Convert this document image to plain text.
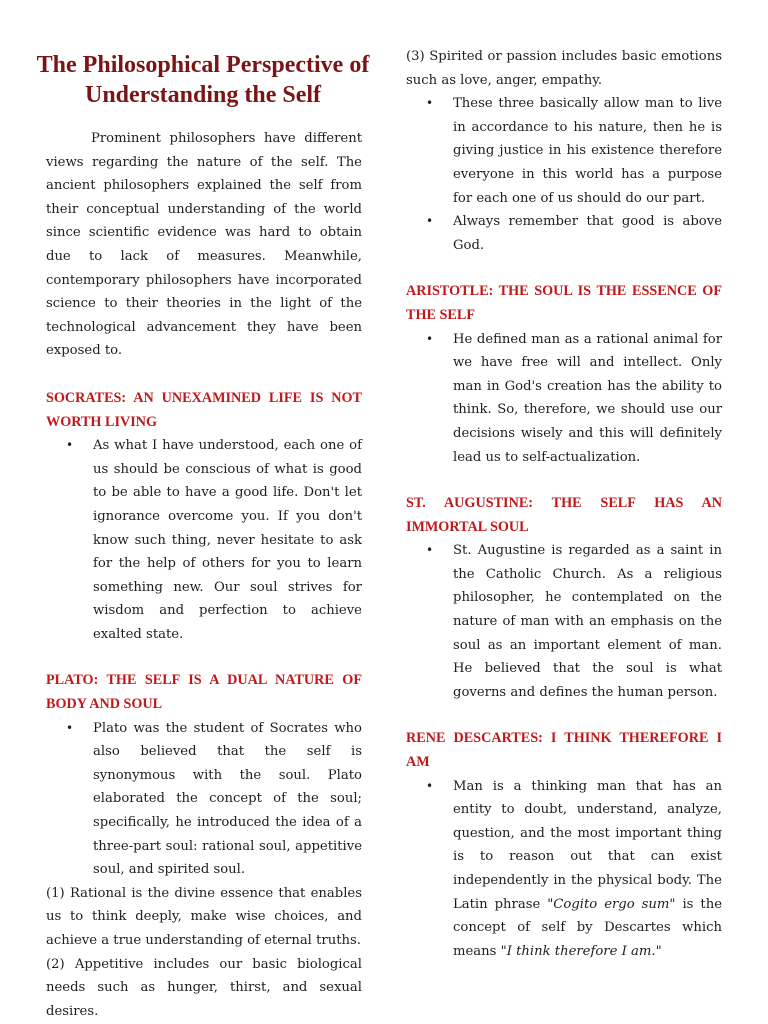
The Philosophical Perspective of Understanding the Self

Prominent philosophers have different views regarding the nature of the self. The ancient philosophers explained the self from their conceptual understanding of the world since scientific evidence was hard to obtain due to lack of measures. Meanwhile, contemporary philosophers have incorporated science to their theories in the light of the technological advancement they have been exposed to.

SOCRATES: AN UNEXAMINED LIFE IS NOT WORTH LIVING
• As what I have understood, each one of us should be conscious of what is good to be able to have a good life. Don't let ignorance overcome you. If you don't know such thing, never hesitate to ask for the help of others for you to learn something new. Our soul strives for wisdom and perfection to achieve exalted state.
PLATO: THE SELF IS A DUAL NATURE OF BODY AND SOUL
• Plato was the student of Socrates who also believed that the self is synonymous with the soul. Plato elaborated the concept of the soul; specifically, he introduced the idea of a three-part soul: rational soul, appetitive soul, and spirited soul.

(1) Rational is the divine essence that enables us to think deeply, make wise choices, and achieve a true understanding of eternal truths.

(2) Appetitive includes our basic biological needs such as hunger, thirst, and sexual desires.

(3) Spirited or passion includes basic emotions such as love, anger, empathy.

• These three basically allow man to live in accordance to his nature, then he is giving justice in his existence therefore everyone in this world has a purpose for each one of us should do our part.
• Always remember that good is above God.
ARISTOTLE: THE SOUL IS THE ESSENCE OF THE SELF
• He defined man as a rational animal for we have free will and intellect. Only man in God's creation has the ability to think. So, therefore, we should use our decisions wisely and this will definitely lead us to self-actualization.
ST. AUGUSTINE: THE SELF HAS AN IMMORTAL SOUL
• St. Augustine is regarded as a saint in the Catholic Church. As a religious philosopher, he contemplated on the nature of man with an emphasis on the soul as an important element of man. He believed that the soul is what governs and defines the human person.
RENE DESCARTES: I THINK THEREFORE I AM
• Man is a thinking man that has an entity to doubt, understand, analyze, question, and the most important thing is to reason out that can exist independently in the physical body. The Latin phrase "Cogito ergo sum" is the concept of self by Descartes which means "I think therefore I am."
